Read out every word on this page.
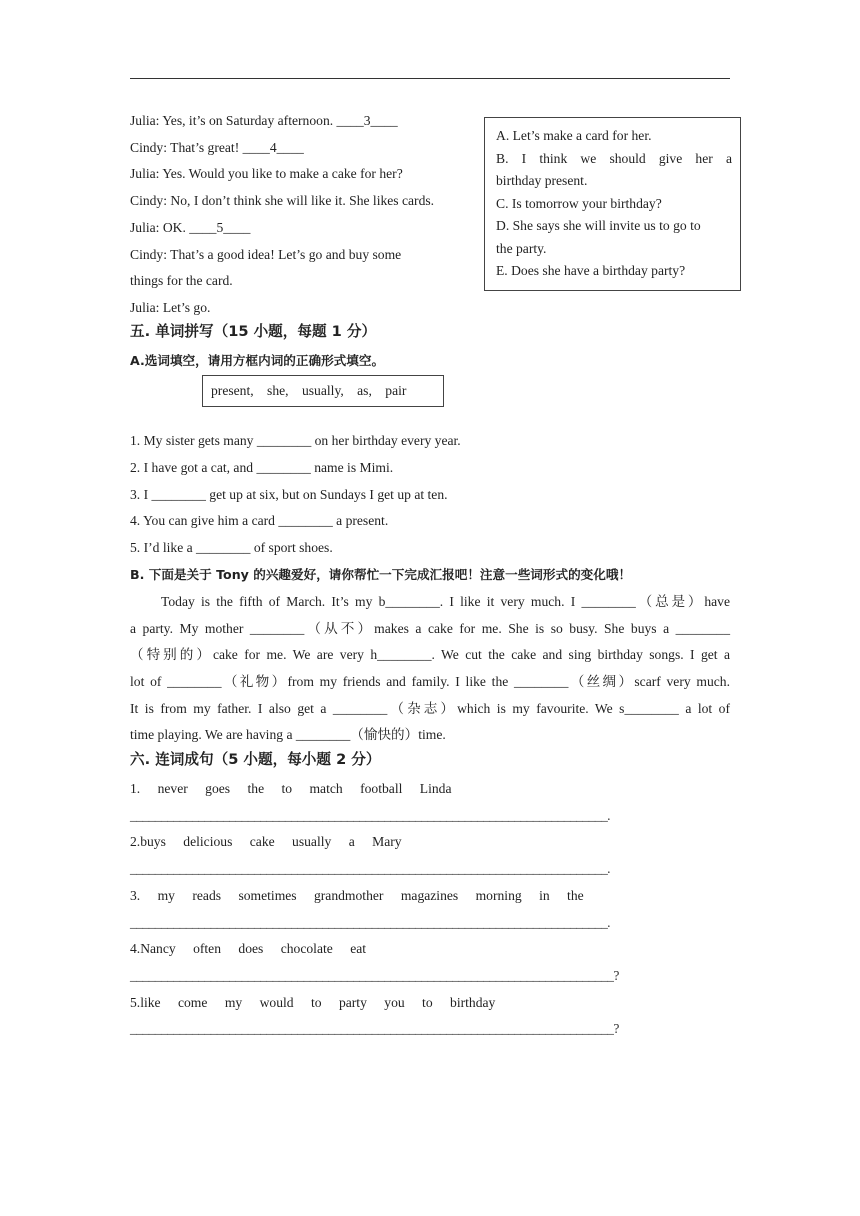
Julia: Yes, it’s on Saturday afternoon. ____3____
Cindy: That’s great! ____4____
Julia: Yes. Would you like to make a cake for her?
Cindy: No, I don’t think she will like it. She likes cards.
Julia: OK. ____5____
Cindy: That’s a good idea! Let’s go and buy some
things for the card.
Julia: Let’s go.
A. Let’s make a card for her.
B. I think we should give her a
birthday present.
C. Is tomorrow your birthday?
D. She says she will invite us to go to
the party.
E. Does she have a birthday party?
五. 单词拼写（15 小题，每题 1 分）
A.选词填空，请用方框内词的正确形式填空。
present, she, usually, as, pair
1. My sister gets many ________ on her birthday every year.
2. I have got a cat, and ________ name is Mimi.
3. I ________ get up at six, but on Sundays I get up at ten.
4. You can give him a card ________ a present.
5. I’d like a ________ of sport shoes.
B. 下面是关于 Tony 的兴趣爱好，请你帮忙一下完成汇报吧！注意一些词形式的变化哦！
Today is the fifth of March. It’s my b________. I like it very much. I ________（总是）have
a party. My mother ________（从不）makes a cake for me. She is so busy. She buys a ________
（特别的）cake for me. We are very h________. We cut the cake and sing birthday songs. I get a
lot of ________（礼物）from my friends and family. I like the ________（丝绸）scarf very much.
It is from my father. I also get a ________（杂志）which is my favourite. We s________ a lot of
time playing. We are having a ________（愉快的）time.
六. 连词成句（5 小题，每小题 2 分）
1. never goes the to match football Linda
_____________________________________________________________________________.
2.buys delicious cake usually a Mary
_____________________________________________________________________________.
3. my reads sometimes grandmother magazines morning in the
_____________________________________________________________________________.
4.Nancy often does chocolate eat
______________________________________________________________________________?
5.like come my would to party you to birthday
______________________________________________________________________________?
